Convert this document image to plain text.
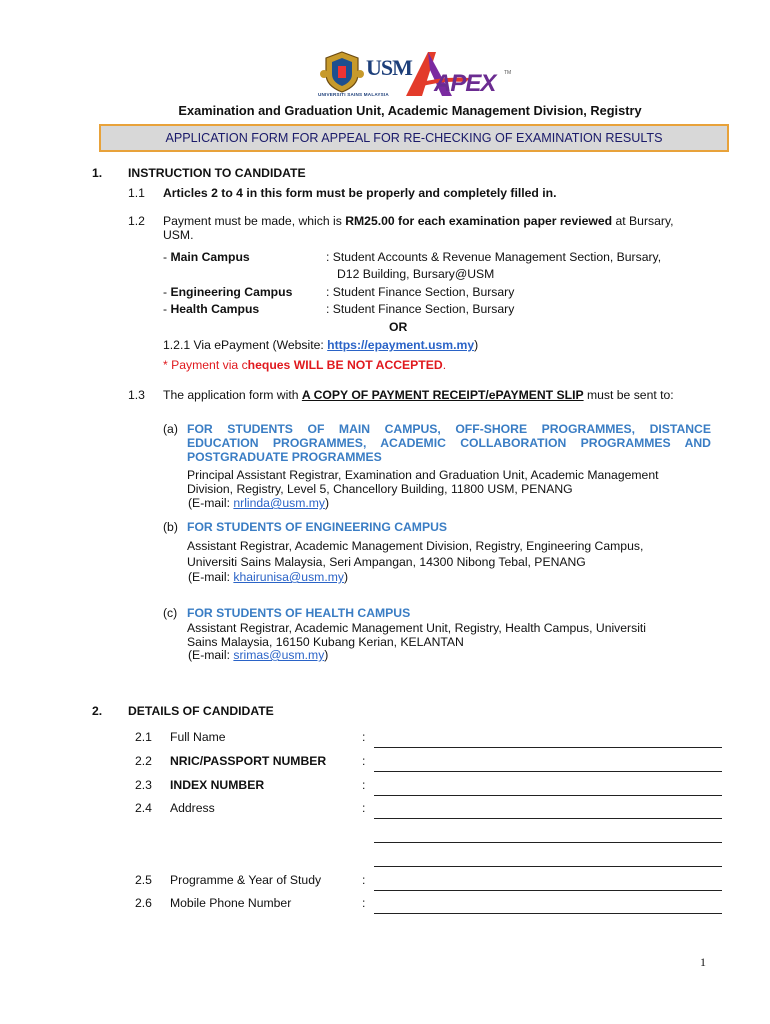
USM
UNIVERSITI SAINS MALAYSIA APEX TM
Examination and Graduation Unit, Academic Management Division, Registry
APPLICATION FORM FOR APPEAL FOR RE-CHECKING OF EXAMINATION RESULTS
1. INSTRUCTION TO CANDIDATE
1.1 Articles 2 to 4 in this form must be properly and completely filled in.
1.2 Payment must be made, which is RM25.00 for each examination paper reviewed at Bursary,
USM.
- Main Campus	: Student Accounts & Revenue Management Section, Bursary,
D12 Building, Bursary@USM
- Engineering Campus	: Student Finance Section, Bursary
- Health Campus	: Student Finance Section, Bursary
OR
1.2.1 Via ePayment (Website: https://epayment.usm.my)
* Payment via cheques WILL BE NOT ACCEPTED.
1.3 The application form with A COPY OF PAYMENT RECEIPT/ePAYMENT SLIP must be sent to:
(a) FOR STUDENTS OF MAIN CAMPUS, OFF-SHORE PROGRAMMES, DISTANCE
EDUCATION PROGRAMMES, ACADEMIC COLLABORATION PROGRAMMES AND
POSTGRADUATE PROGRAMMES
Principal Assistant Registrar, Examination and Graduation Unit, Academic Management
Division, Registry, Level 5, Chancellory Building, 11800 USM, PENANG
(E-mail: nrlinda@usm.my)
(b) FOR STUDENTS OF ENGINEERING CAMPUS
Assistant Registrar, Academic Management Division, Registry, Engineering Campus,
Universiti Sains Malaysia, Seri Ampangan, 14300 Nibong Tebal, PENANG
(E-mail: khairunisa@usm.my)
(c) FOR STUDENTS OF HEALTH CAMPUS
Assistant Registrar, Academic Management Unit, Registry, Health Campus, Universiti
Sains Malaysia, 16150 Kubang Kerian, KELANTAN
(E-mail: srimas@usm.my)
2. DETAILS OF CANDIDATE
2.1 Full Name	:
2.2 NRIC/PASSPORT NUMBER	:
2.3 INDEX NUMBER	:
2.4 Address	:
2.5 Programme & Year of Study	:
2.6 Mobile Phone Number	:
1
